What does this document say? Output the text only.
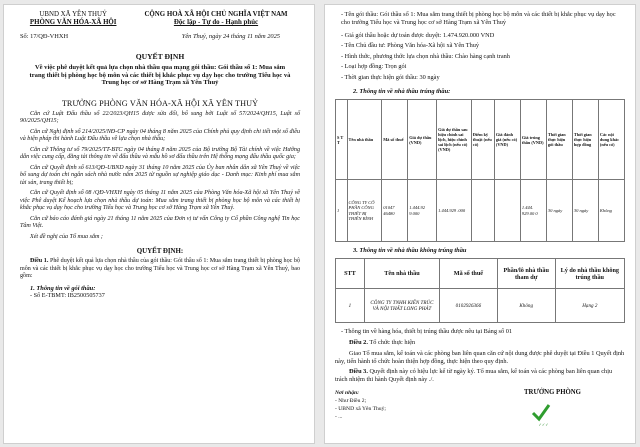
UBND XÃ YÊN THUỶ
PHÒNG VĂN HÓA-XÃ HỘI
CỘNG HOÀ XÃ HỘI CHỦ NGHĨA VIỆT NAM
Độc lập - Tự do - Hạnh phúc
Số: 17/QĐ-VHXH	Yên Thuỷ, ngày 24 tháng 11 năm 2025
QUYẾT ĐỊNH
Về việc phê duyệt kết quả lựa chọn nhà thầu qua mạng gói thầu: Gói thầu số 1: Mua sắm trang thiết bị phòng học bộ môn và các thiết bị khắc phục vụ dạy học cho trường Tiểu học và Trung học cơ sở Hàng Trạm xã Yên Thuỷ
TRƯỞNG PHÒNG VĂN HÓA-XÃ HỘI XÃ YÊN THUỶ
Căn cứ Luật Đấu thầu số 22/2023/QH15 được sửa đổi, bổ sung bởi Luật số 57/2024/QH15, Luật số 90/2025/QH15;
Căn cứ Nghị định số 214/2025/NĐ-CP ngày 04 tháng 8 năm 2025 của Chính phủ quy định chi tiết một số điều và biện pháp thi hành Luật Đấu thầu về lựa chọn nhà thầu;
Căn cứ Thông tư số 79/2025/TT-BTC ngày 04 tháng 8 năm 2025 của Bộ trưởng Bộ Tài chính về việc Hướng dẫn việc cung cấp, đăng tải thông tin về đấu thầu và mẫu hồ sơ đấu thầu trên Hệ thống mạng đấu thầu quốc gia;
Căn cứ Quyết định số 613/QĐ-UBND ngày 31 tháng 10 năm 2025 của Ủy ban nhân dân xã Yên Thuỷ về việc bổ sung dự toán chi ngân sách nhà nước năm 2025 từ nguồn sự nghiệp giáo dục - Danh mục: Kinh phí mua sắm tài sản, trang thiết bị;
Căn cứ Quyết định số 08 /QĐ-VHXH ngày 05 tháng 11 năm 2025 của Phòng Văn hóa-Xã hội xã Yên Thuỷ về việc Phê duyệt Kế hoạch lựa chọn nhà thầu dự toán: Mua sắm trang thiết bị phòng học bộ môn và các thiết bị khắc phục vụ dạy học cho trường Tiểu học và Trung học cơ sở Hàng Trạm xã Yên Thuỷ.
Căn cứ báo cáo đánh giá ngày 21 tháng 11 năm 2025 của Đơn vị tư vấn Công ty Cổ phần Công nghệ Tin học Tâm Việt.
Xét đề nghị của Tổ mua sắm ;
QUYẾT ĐỊNH:
Điều 1. Phê duyệt kết quả lựa chọn nhà thầu của gói thầu: Gói thầu số 1: Mua sắm trang thiết bị phòng học bộ môn và các thiết bị khắc phục vụ dạy học cho trường Tiểu học và Trung học cơ sở Hàng Trạm xã Yên Thuỷ, bao gồm:
1. Thông tin về gói thầu:
- Số E-TBMT: IB2500505737
- Tên gói thầu: Gói thầu số 1: Mua sắm trang thiết bị phòng học bộ môn và các thiết bị khắc phục vụ dạy học cho trường Tiểu học và Trung học cơ sở Hàng Trạm xã Yên Thuỷ
- Giá gói thầu hoặc dự toán được duyệt: 1.474.920.000 VND
- Tên Chủ đầu tư: Phòng Văn hóa-Xã hội xã Yên Thuỷ
- Hình thức, phương thức lựa chọn nhà thầu: Chào hàng cạnh tranh
- Loại hợp đồng: Trọn gói
- Thời gian thực hiện gói thầu: 30 ngày
2. Thông tin về nhà thầu trúng thầu:
S T T	Tên nhà thầu	Mã số thuế	Giá dự thầu (VND)	Giá dự thầu sau hiệu chỉnh sai lệch, hiệu chỉnh sai lệch (nếu có) (VND)	Điểm kỹ thuật (nếu có)	Giá đánh giá (nếu có) (VND)	Giá trúng thầu (VND)	Thời gian thực hiện gói thầu	Thời gian thực hiện hợp đồng	Các nội dung khác (nếu có)
1	CÔNG TY CỔ PHẦN CÔNG THIẾT BỊ THIÊN BÌNH	01047 46480	1.444.92 9.000	1.444.929 .000			1.444. 929.00 0	30 ngày	30 ngày	Không
3. Thông tin về nhà thầu không trúng thầu
STT	Tên nhà thầu	Mã số thuế	Phần/lô nhà thầu tham dự	Lý do nhà thầu không trúng thầu
1	CÔNG TY TNHH KIẾN TRÚC VÀ NỘI THẤT LONG PHÁT	0102926366	Không	Hạng 2
- Thông tin về hàng hóa, thiết bị trúng thầu được nêu tại Bảng số 01
Điều 2. Tổ chức thực hiện
Giao Tổ mua sắm, kế toán và các phòng ban liên quan căn cứ nội dung được phê duyệt tại Điều 1 Quyết định này, tiến hành tổ chức hoàn thiện hợp đồng, thực hiện theo quy định.
Điều 3. Quyết định này có hiệu lực kể từ ngày ký. Tổ mua sắm, kế toán và các phòng ban liên quan chịu trách nhiệm thi hành Quyết định này ./.
Nơi nhận:
- Như Điều 2;
- UBND xã Yên Thuỷ;
- ...
TRƯỞNG PHÒNG
✓✓✓
